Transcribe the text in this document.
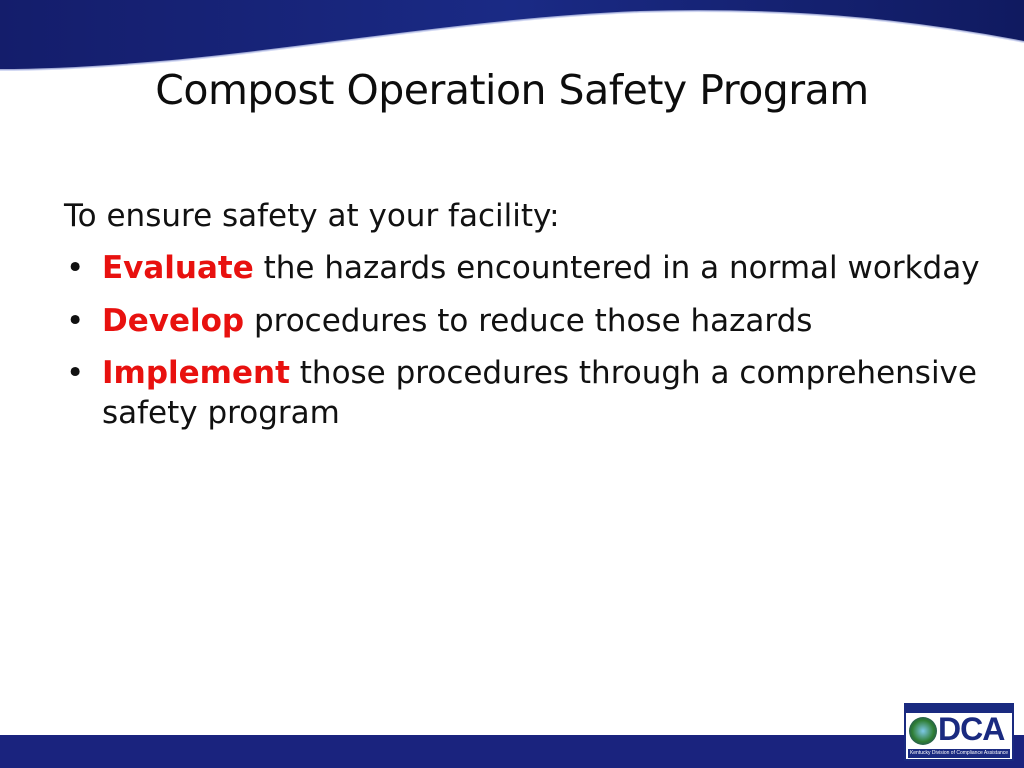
Compost Operation Safety Program

To ensure safety at your facility:

• Evaluate the hazards encountered in a normal workday
• Develop procedures to reduce those hazards
• Implement those procedures through a comprehensive safety program
DCA
Kentucky Division of Compliance Assistance
